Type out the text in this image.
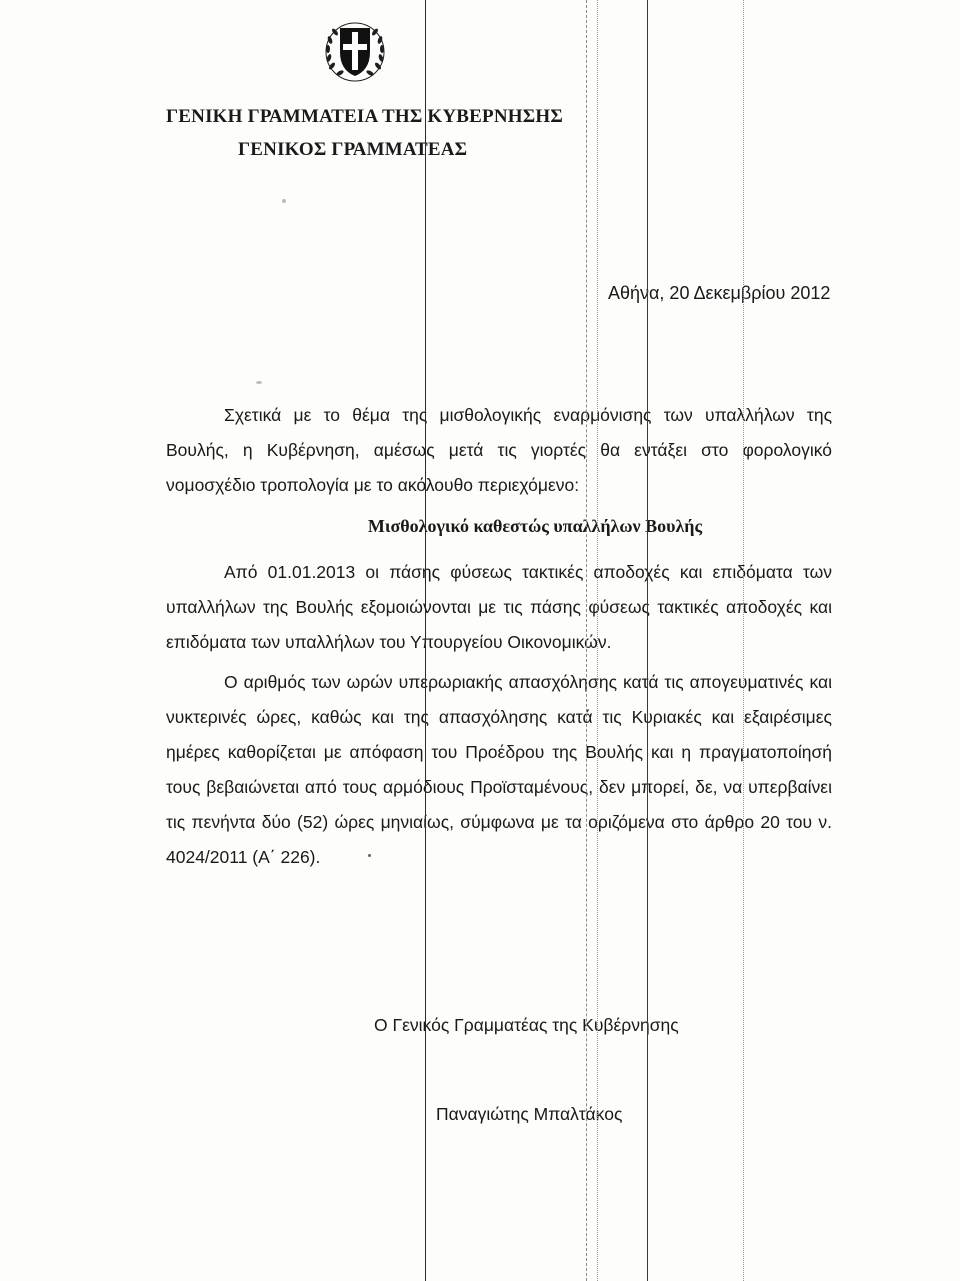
ΓΕΝΙΚΗ ΓΡΑΜΜΑΤΕΙΑ ΤΗΣ ΚΥΒΕΡΝΗΣΗΣ
ΓΕΝΙΚΟΣ ΓΡΑΜΜΑΤΕΑΣ
Αθήνα, 20 Δεκεμβρίου 2012
Σχετικά με το θέμα της μισθολογικής εναρμόνισης των υπαλλήλων της Βουλής, η Κυβέρνηση, αμέσως μετά τις γιορτές θα εντάξει στο φορολογικό νομοσχέδιο τροπολογία με το ακόλουθο περιεχόμενο:
Μισθολογικό καθεστώς υπαλλήλων Βουλής
Από 01.01.2013 οι πάσης φύσεως τακτικές αποδοχές και επιδόματα των υπαλλήλων της Βουλής εξομοιώνονται με τις πάσης φύσεως τακτικές αποδοχές και επιδόματα των υπαλλήλων του Υπουργείου Οικονομικών.
Ο αριθμός των ωρών υπερωριακής απασχόλησης κατά τις απογευματινές και νυκτερινές ώρες, καθώς και της απασχόλησης κατά τις Κυριακές και εξαιρέσιμες ημέρες καθορίζεται με απόφαση του Προέδρου της Βουλής και η πραγματοποίησή τους βεβαιώνεται από τους αρμόδιους Προϊσταμένους, δεν μπορεί, δε, να υπερβαίνει τις πενήντα δύο (52) ώρες μηνιαίως, σύμφωνα με τα οριζόμενα στο άρθρο 20 του ν. 4024/2011 (Α΄ 226).
Ο Γενικός Γραμματέας της Κυβέρνησης
Παναγιώτης Μπαλτάκος
